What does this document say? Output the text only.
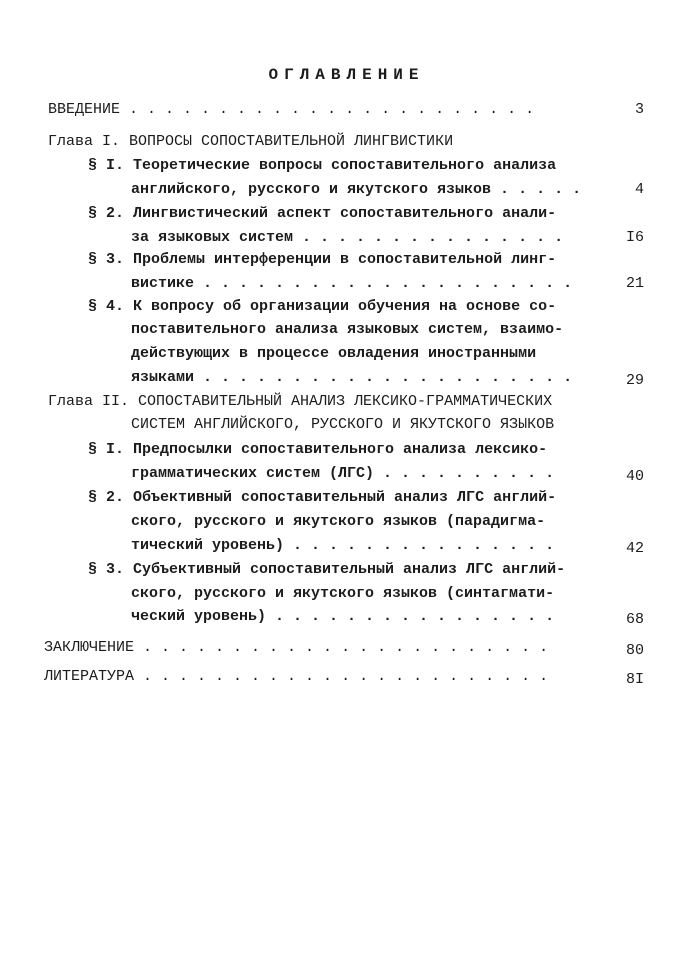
ОГЛАВЛЕНИЕ
ВВЕДЕНИЕ . . . . . . . . . . . . . . . . . . . . . . .	3
Глава I. ВОПРОСЫ СОПОСТАВИТЕЛЬНОЙ ЛИНГВИСТИКИ
§ I. Теоретические вопросы сопоставительного анализа
английского, русского и якутского языков . . . . .	4
§ 2. Лингвистический аспект сопоставительного анали-
за языковых систем . . . . . . . . . . . . . . .	I6
§ 3. Проблемы интерференции в сопоставительной линг-
вистике . . . . . . . . . . . . . . . . . . . . .	21
§ 4. К вопросу об организации обучения на основе со-
поставительного анализа языковых систем, взаимо-
действующих в процессе овладения иностранными
языками . . . . . . . . . . . . . . . . . . . . .	29
Глава II. СОПОСТАВИТЕЛЬНЫЙ АНАЛИЗ ЛЕКСИКО-ГРАММАТИЧЕСКИХ
СИСТЕМ АНГЛИЙСКОГО, РУССКОГО И ЯКУТСКОГО ЯЗЫКОВ
§ I. Предпосылки сопоставительного анализа лексико-
грамматических систем (ЛГС) . . . . . . . . . .	40
§ 2. Объективный сопоставительный анализ ЛГС англий-
ского, русского и якутского языков (парадигма-
тический уровень) . . . . . . . . . . . . . . .	42
§ 3. Субъективный сопоставительный анализ ЛГС англий-
ского, русского и якутского языков (синтагмати-
ческий уровень) . . . . . . . . . . . . . . . .	68
ЗАКЛЮЧЕНИЕ . . . . . . . . . . . . . . . . . . . . . . .	80
ЛИТЕРАТУРА . . . . . . . . . . . . . . . . . . . . . . .	8I
